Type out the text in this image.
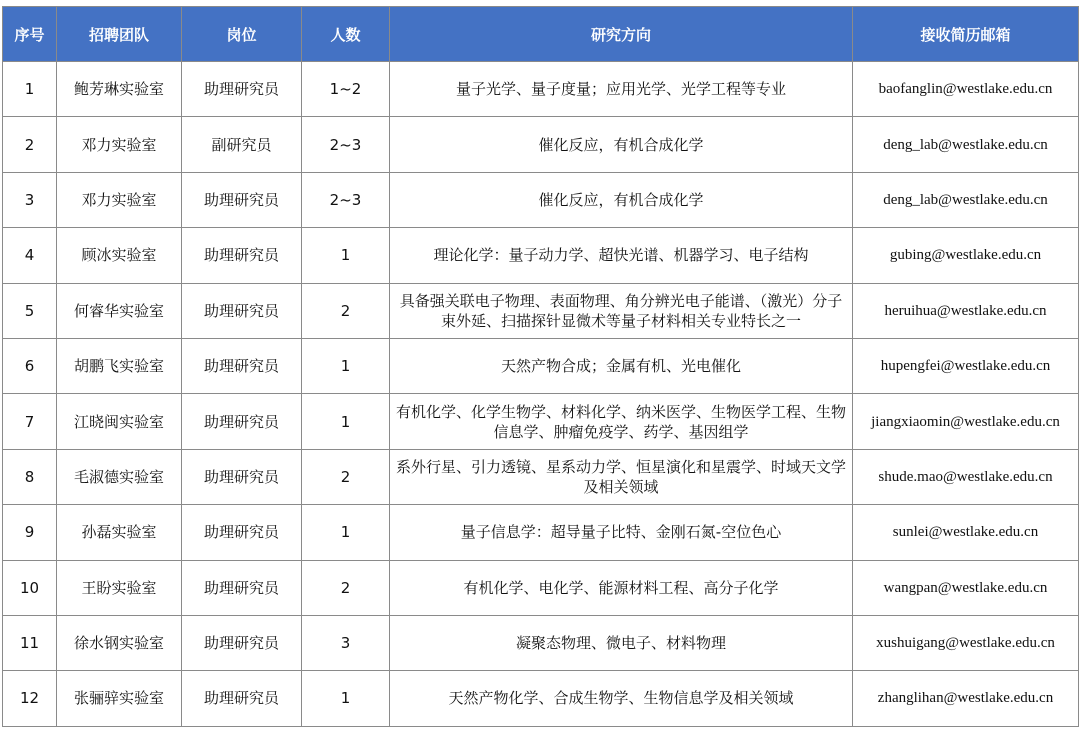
序号	招聘团队	岗位	人数	研究方向	接收简历邮箱
1	鲍芳琳实验室	助理研究员	1~2	量子光学、量子度量；应用光学、光学工程等专业	baofanglin@westlake.edu.cn
2	邓力实验室	副研究员	2~3	催化反应，有机合成化学	deng_lab@westlake.edu.cn
3	邓力实验室	助理研究员	2~3	催化反应，有机合成化学	deng_lab@westlake.edu.cn
4	顾冰实验室	助理研究员	1	理论化学：量子动力学、超快光谱、机器学习、电子结构	gubing@westlake.edu.cn
5	何睿华实验室	助理研究员	2	具备强关联电子物理、表面物理、角分辨光电子能谱、（激光）分子束外延、扫描探针显微术等量子材料相关专业特长之一	heruihua@westlake.edu.cn
6	胡鹏飞实验室	助理研究员	1	天然产物合成；金属有机、光电催化	hupengfei@westlake.edu.cn
7	江晓闽实验室	助理研究员	1	有机化学、化学生物学、材料化学、纳米医学、生物医学工程、生物信息学、肿瘤免疫学、药学、基因组学	jiangxiaomin@westlake.edu.cn
8	毛淑德实验室	助理研究员	2	系外行星、引力透镜、星系动力学、恒星演化和星震学、时域天文学及相关领域	shude.mao@westlake.edu.cn
9	孙磊实验室	助理研究员	1	量子信息学：超导量子比特、金刚石氮-空位色心	sunlei@westlake.edu.cn
10	王盼实验室	助理研究员	2	有机化学、电化学、能源材料工程、高分子化学	wangpan@westlake.edu.cn
11	徐水钢实验室	助理研究员	3	凝聚态物理、微电子、材料物理	xushuigang@westlake.edu.cn
12	张骊骍实验室	助理研究员	1	天然产物化学、合成生物学、生物信息学及相关领域	zhanglihan@westlake.edu.cn
